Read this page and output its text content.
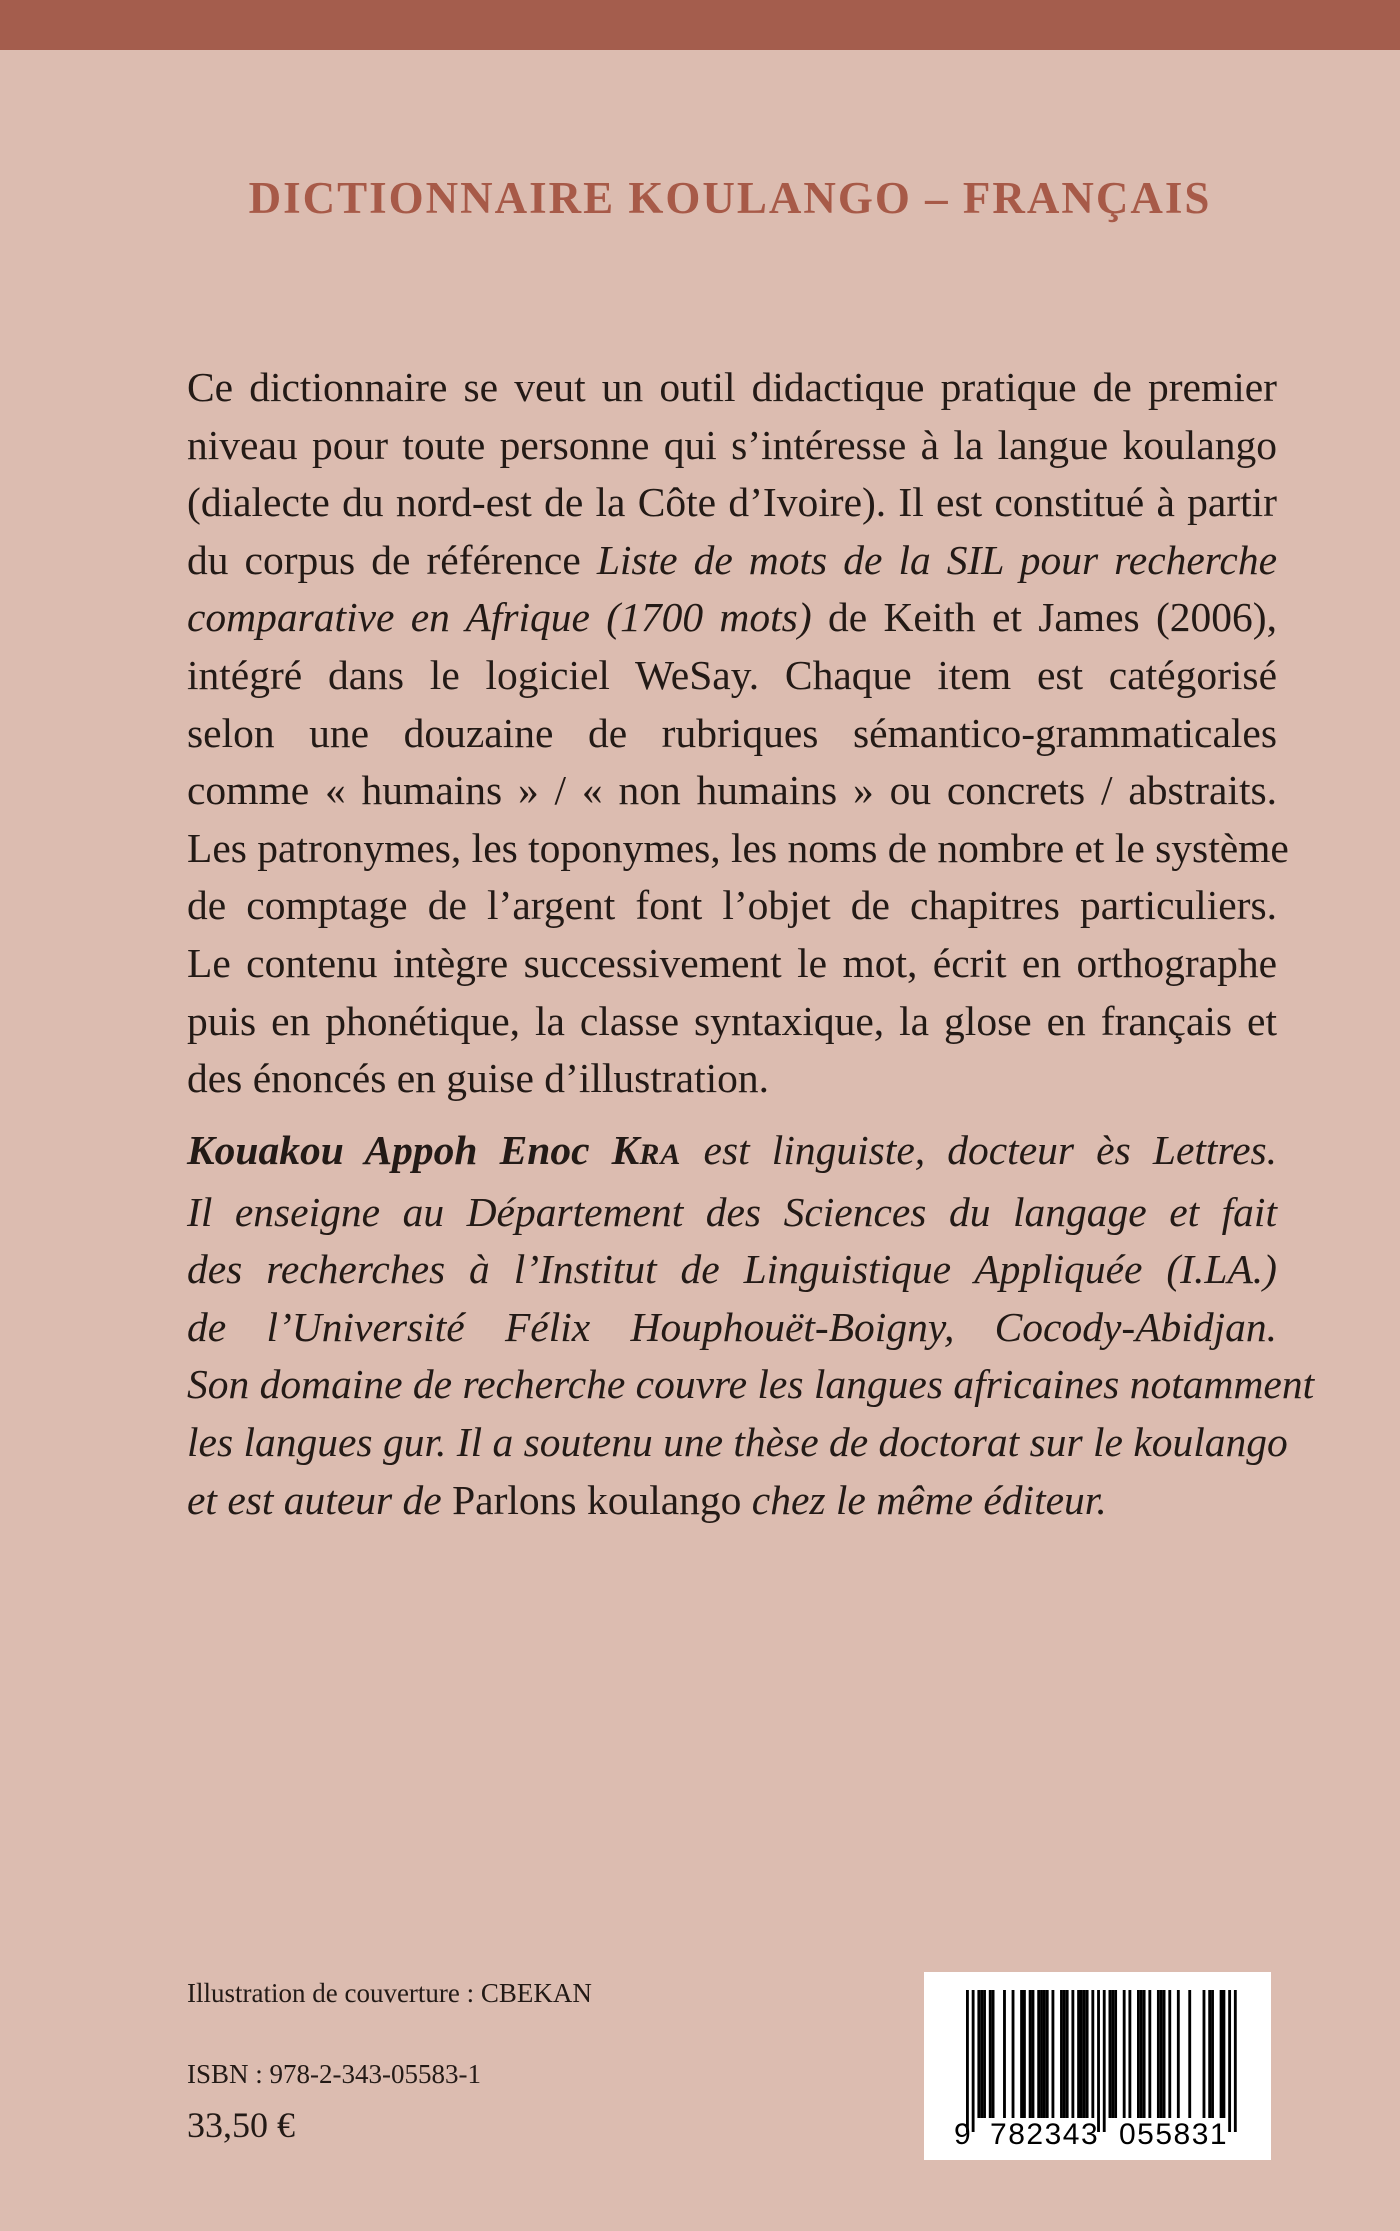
DICTIONNAIRE KOULANGO – FRANÇAIS
Ce dictionnaire se veut un outil didactique pratique de premier
niveau pour toute personne qui s’intéresse à la langue koulango
(dialecte du nord-est de la Côte d’Ivoire). Il est constitué à partir
du corpus de référence Liste de mots de la SIL pour recherche
comparative en Afrique (1700 mots) de Keith et James (2006),
intégré dans le logiciel WeSay. Chaque item est catégorisé
selon une douzaine de rubriques sémantico-grammaticales
comme « humains » / « non humains » ou concrets / abstraits.
Les patronymes, les toponymes, les noms de nombre et le système
de comptage de l’argent font l’objet de chapitres particuliers.
Le contenu intègre successivement le mot, écrit en orthographe
puis en phonétique, la classe syntaxique, la glose en français et
des énoncés en guise d’illustration.
Kouakou Appoh Enoc KRA est linguiste, docteur ès Lettres.
Il enseigne au Département des Sciences du langage et fait
des recherches à l’Institut de Linguistique Appliquée (I.LA.)
de l’Université Félix Houphouët-Boigny, Cocody-Abidjan.
Son domaine de recherche couvre les langues africaines notamment
les langues gur. Il a soutenu une thèse de doctorat sur le koulango
et est auteur de Parlons koulango chez le même éditeur.
Illustration de couverture : CBEKAN
ISBN : 978-2-343-05583-1
33,50 €	9 782343 055831
